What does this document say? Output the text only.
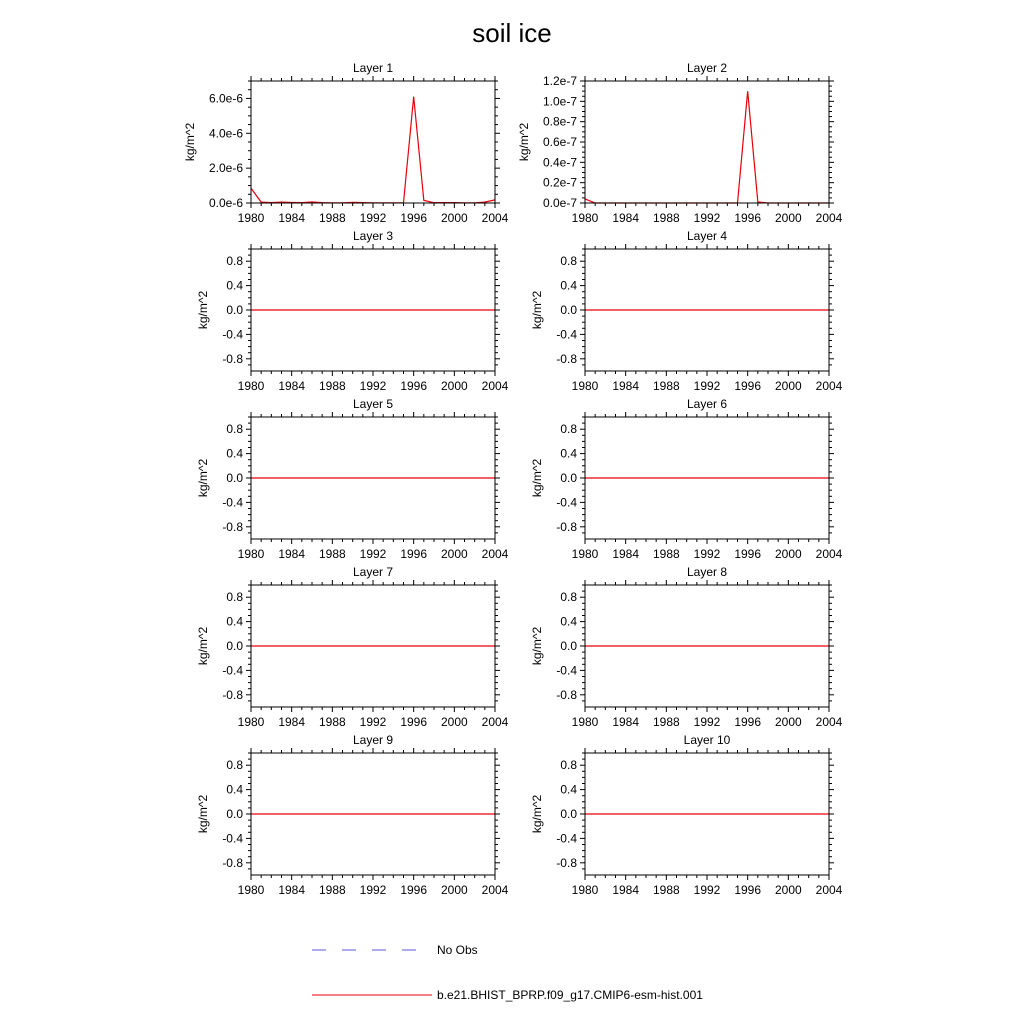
soil ice
Layer 1
1980 1984 1988 1992 1996 2000 2004
0.0e-6
2.0e-6
4.0e-6
6.0e-6
kg/m^2
Layer 2
1980 1984 1988 1992 1996 2000 2004
0.0e-7
0.2e-7
0.4e-7
0.6e-7
0.8e-7
1.0e-7
1.2e-7
kg/m^2
Layer 3
1980 1984 1988 1992 1996 2000 2004
-0.8
-0.4
0.0
0.4
0.8
kg/m^2
Layer 4
1980 1984 1988 1992 1996 2000 2004
-0.8
-0.4
0.0
0.4
0.8
kg/m^2
Layer 5
1980 1984 1988 1992 1996 2000 2004
-0.8
-0.4
0.0
0.4
0.8
kg/m^2
Layer 6
1980 1984 1988 1992 1996 2000 2004
-0.8
-0.4
0.0
0.4
0.8
kg/m^2
Layer 7
1980 1984 1988 1992 1996 2000 2004
-0.8
-0.4
0.0
0.4
0.8
kg/m^2
Layer 8
1980 1984 1988 1992 1996 2000 2004
-0.8
-0.4
0.0
0.4
0.8
kg/m^2
Layer 9
1980 1984 1988 1992 1996 2000 2004
-0.8
-0.4
0.0
0.4
0.8
kg/m^2
Layer 10
1980 1984 1988 1992 1996 2000 2004
-0.8
-0.4
0.0
0.4
0.8
kg/m^2
No Obs
b.e21.BHIST_BPRP.f09_g17.CMIP6-esm-hist.001
